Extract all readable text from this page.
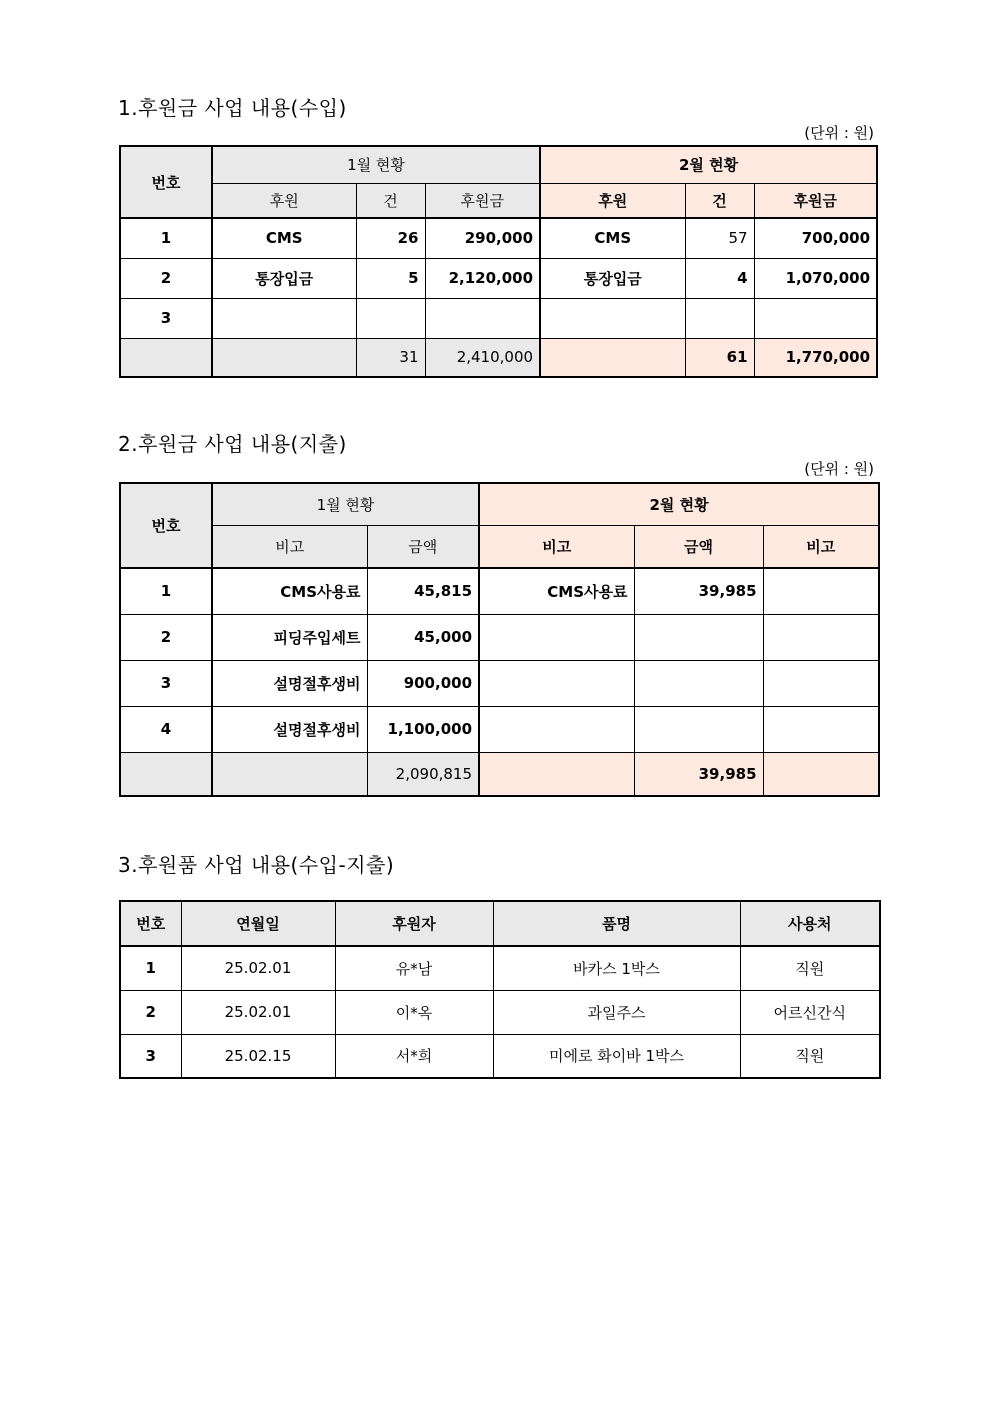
1.후원금 사업 내용(수입)
(단위 : 원)
번호	1월 현황			2월 현황		
	후원	건	후원금	후원	건	후원금
1	CMS	26	290,000	CMS	57	700,000
2	통장입금	5	2,120,000	통장입금	4	1,070,000
3						
		31	2,410,000		61	1,770,000
2.후원금 사업 내용(지출)
(단위 : 원)
번호	1월 현황		2월 현황		
	비고	금액	비고	금액	비고
1	CMS사용료	45,815	CMS사용료	39,985	
2	피딩주입세트	45,000			
3	설명절후생비	900,000			
4	설명절후생비	1,100,000			
		2,090,815		39,985	
3.후원품 사업 내용(수입-지출)
번호	연월일	후원자	품명	사용처
1	25.02.01	유*남	바카스 1박스	직원
2	25.02.01	이*옥	과일주스	어르신간식
3	25.02.15	서*희	미에로 화이바 1박스	직원
